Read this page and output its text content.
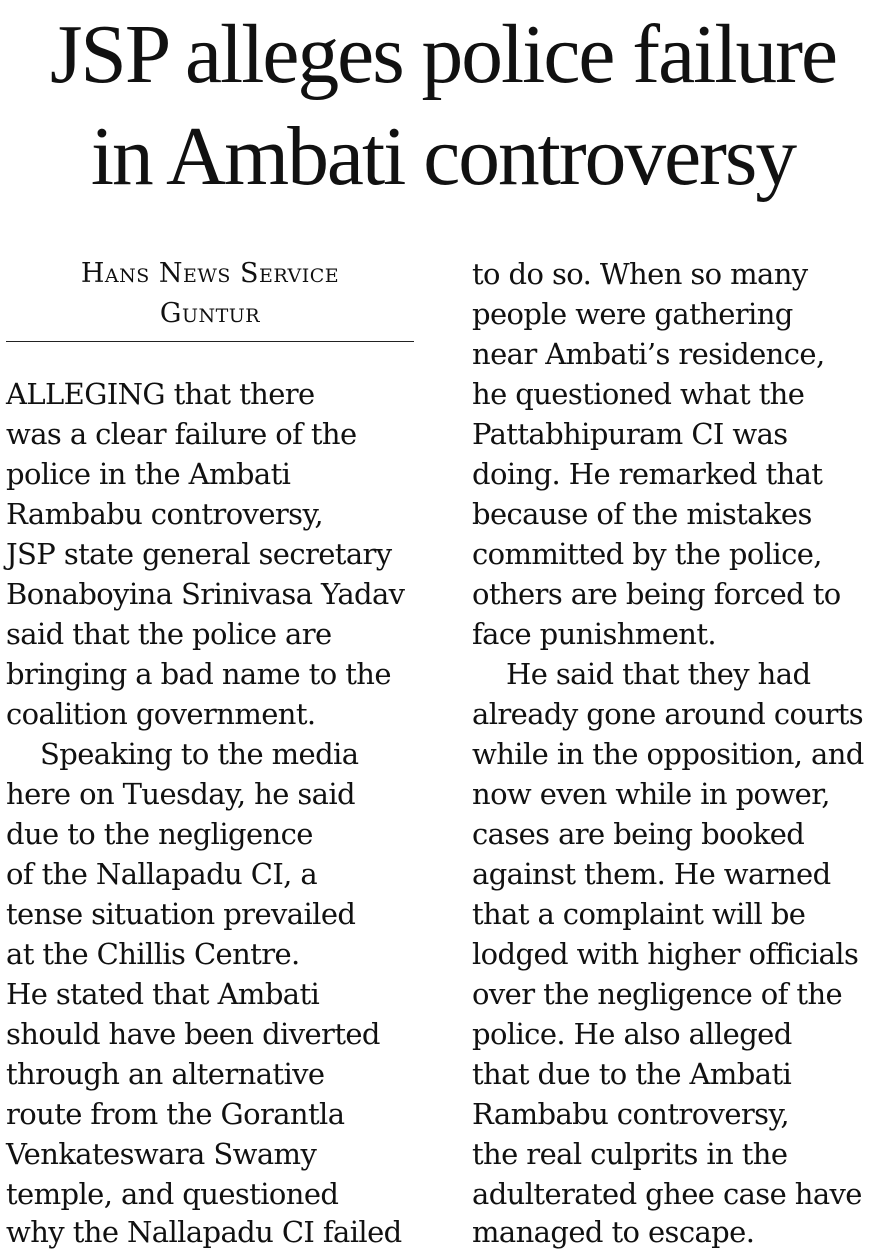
JSP alleges police failure
in Ambati controversy
Hans News Service
Guntur
ALLEGING that there
was a clear failure of the
police in the Ambati
Rambabu controversy,
JSP state general secretary
Bonaboyina Srinivasa Yadav
said that the police are
bringing a bad name to the
coalition government.
Speaking to the media
here on Tuesday, he said
due to the negligence
of the Nallapadu CI, a
tense situation prevailed
at the Chillis Centre.
He stated that Ambati
should have been diverted
through an alternative
route from the Gorantla
Venkateswara Swamy
temple, and questioned
why the Nallapadu CI failed
to do so. When so many
people were gathering
near Ambati’s residence,
he questioned what the
Pattabhipuram CI was
doing. He remarked that
because of the mistakes
committed by the police,
others are being forced to
face punishment.
He said that they had
already gone around courts
while in the opposition, and
now even while in power,
cases are being booked
against them. He warned
that a complaint will be
lodged with higher officials
over the negligence of the
police. He also alleged
that due to the Ambati
Rambabu controversy,
the real culprits in the
adulterated ghee case have
managed to escape.
